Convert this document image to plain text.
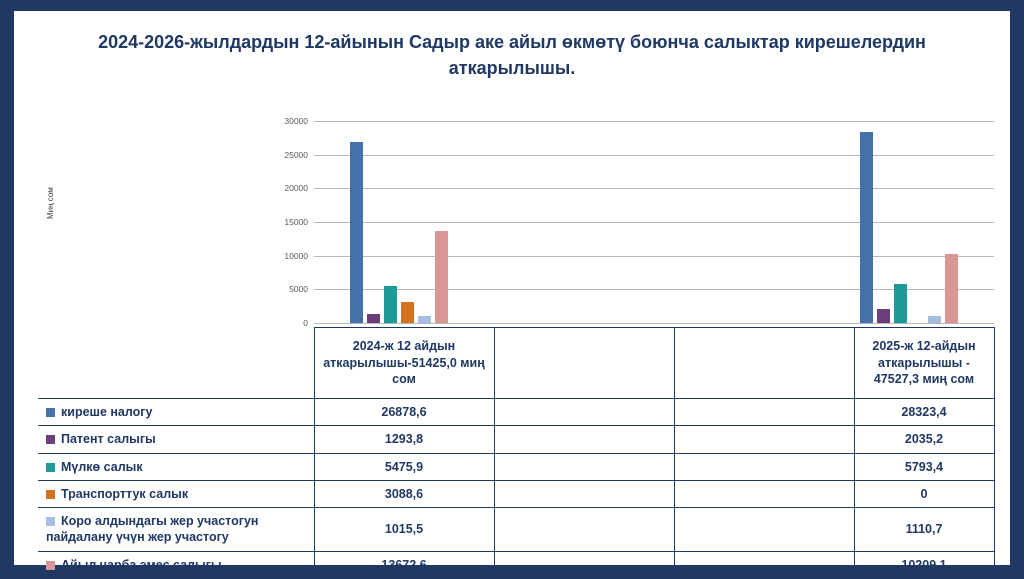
2024-2026-жылдардын 12-айынын Садыр аке айыл өкмөтү боюнча салыктар кирешелердин аткарылышы.
Миң сом
0
5000
10000
15000
20000
25000
30000
	2024-ж 12 айдын аткарылышы-51425,0 миң сом			2025-ж 12-айдын аткарылышы - 47527,3 миң сом
киреше налогу	26878,6			28323,4
Патент салыгы	1293,8			2035,2
Мүлкө салык	5475,9			5793,4
Транспорттук салык	3088,6			0
Коро алдындагы жер участогун пайдалану үчүн жер участогу	1015,5			1110,7
Айыл чарба эмес салыгы	13672,6			10209,1
